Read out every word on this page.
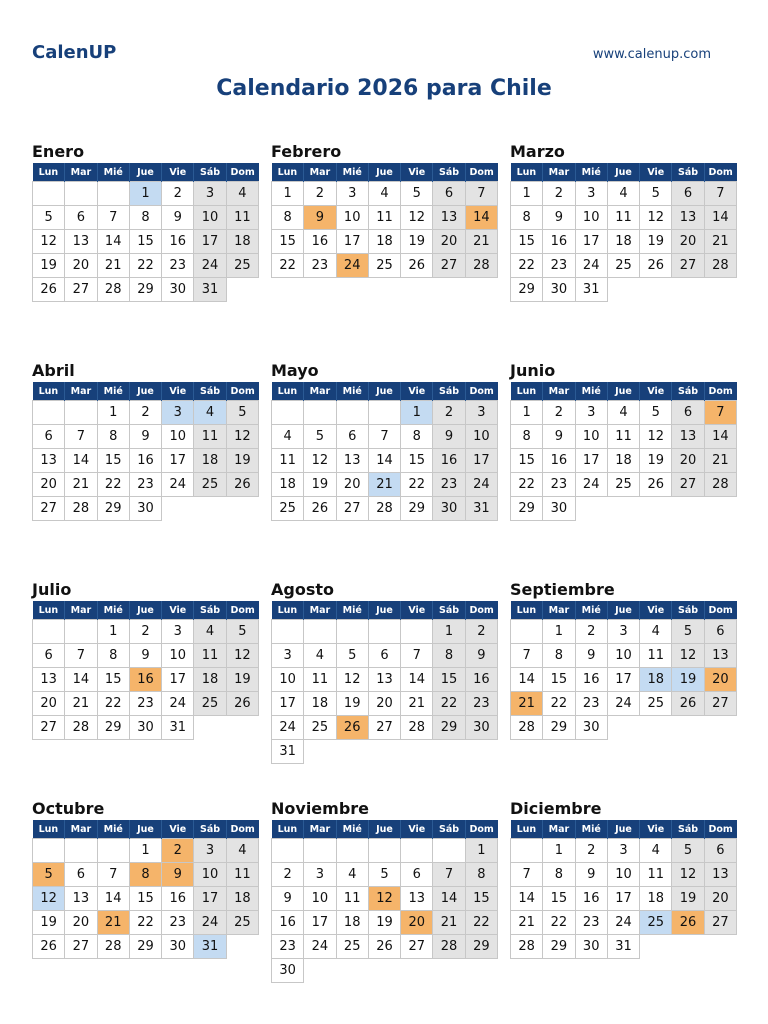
CalenUP	www.calenup.com
Calendario 2026 para Chile
Enero
Lun	Mar	Mié	Jue	Vie	Sáb	Dom
			1	2	3	4
5	6	7	8	9	10	11
12	13	14	15	16	17	18
19	20	21	22	23	24	25
26	27	28	29	30	31	
Febrero
Lun	Mar	Mié	Jue	Vie	Sáb	Dom
1	2	3	4	5	6	7
8	9	10	11	12	13	14
15	16	17	18	19	20	21
22	23	24	25	26	27	28
Marzo
Lun	Mar	Mié	Jue	Vie	Sáb	Dom
1	2	3	4	5	6	7
8	9	10	11	12	13	14
15	16	17	18	19	20	21
22	23	24	25	26	27	28
29	30	31				
Abril
Lun	Mar	Mié	Jue	Vie	Sáb	Dom
		1	2	3	4	5
6	7	8	9	10	11	12
13	14	15	16	17	18	19
20	21	22	23	24	25	26
27	28	29	30			
Mayo
Lun	Mar	Mié	Jue	Vie	Sáb	Dom
				1	2	3
4	5	6	7	8	9	10
11	12	13	14	15	16	17
18	19	20	21	22	23	24
25	26	27	28	29	30	31
Junio
Lun	Mar	Mié	Jue	Vie	Sáb	Dom
1	2	3	4	5	6	7
8	9	10	11	12	13	14
15	16	17	18	19	20	21
22	23	24	25	26	27	28
29	30					
Julio
Lun	Mar	Mié	Jue	Vie	Sáb	Dom
		1	2	3	4	5
6	7	8	9	10	11	12
13	14	15	16	17	18	19
20	21	22	23	24	25	26
27	28	29	30	31		
Agosto
Lun	Mar	Mié	Jue	Vie	Sáb	Dom
					1	2
3	4	5	6	7	8	9
10	11	12	13	14	15	16
17	18	19	20	21	22	23
24	25	26	27	28	29	30
31						
Septiembre
Lun	Mar	Mié	Jue	Vie	Sáb	Dom
	1	2	3	4	5	6
7	8	9	10	11	12	13
14	15	16	17	18	19	20
21	22	23	24	25	26	27
28	29	30				
Octubre
Lun	Mar	Mié	Jue	Vie	Sáb	Dom
			1	2	3	4
5	6	7	8	9	10	11
12	13	14	15	16	17	18
19	20	21	22	23	24	25
26	27	28	29	30	31	
Noviembre
Lun	Mar	Mié	Jue	Vie	Sáb	Dom
						1
2	3	4	5	6	7	8
9	10	11	12	13	14	15
16	17	18	19	20	21	22
23	24	25	26	27	28	29
30						
Diciembre
Lun	Mar	Mié	Jue	Vie	Sáb	Dom
	1	2	3	4	5	6
7	8	9	10	11	12	13
14	15	16	17	18	19	20
21	22	23	24	25	26	27
28	29	30	31			
